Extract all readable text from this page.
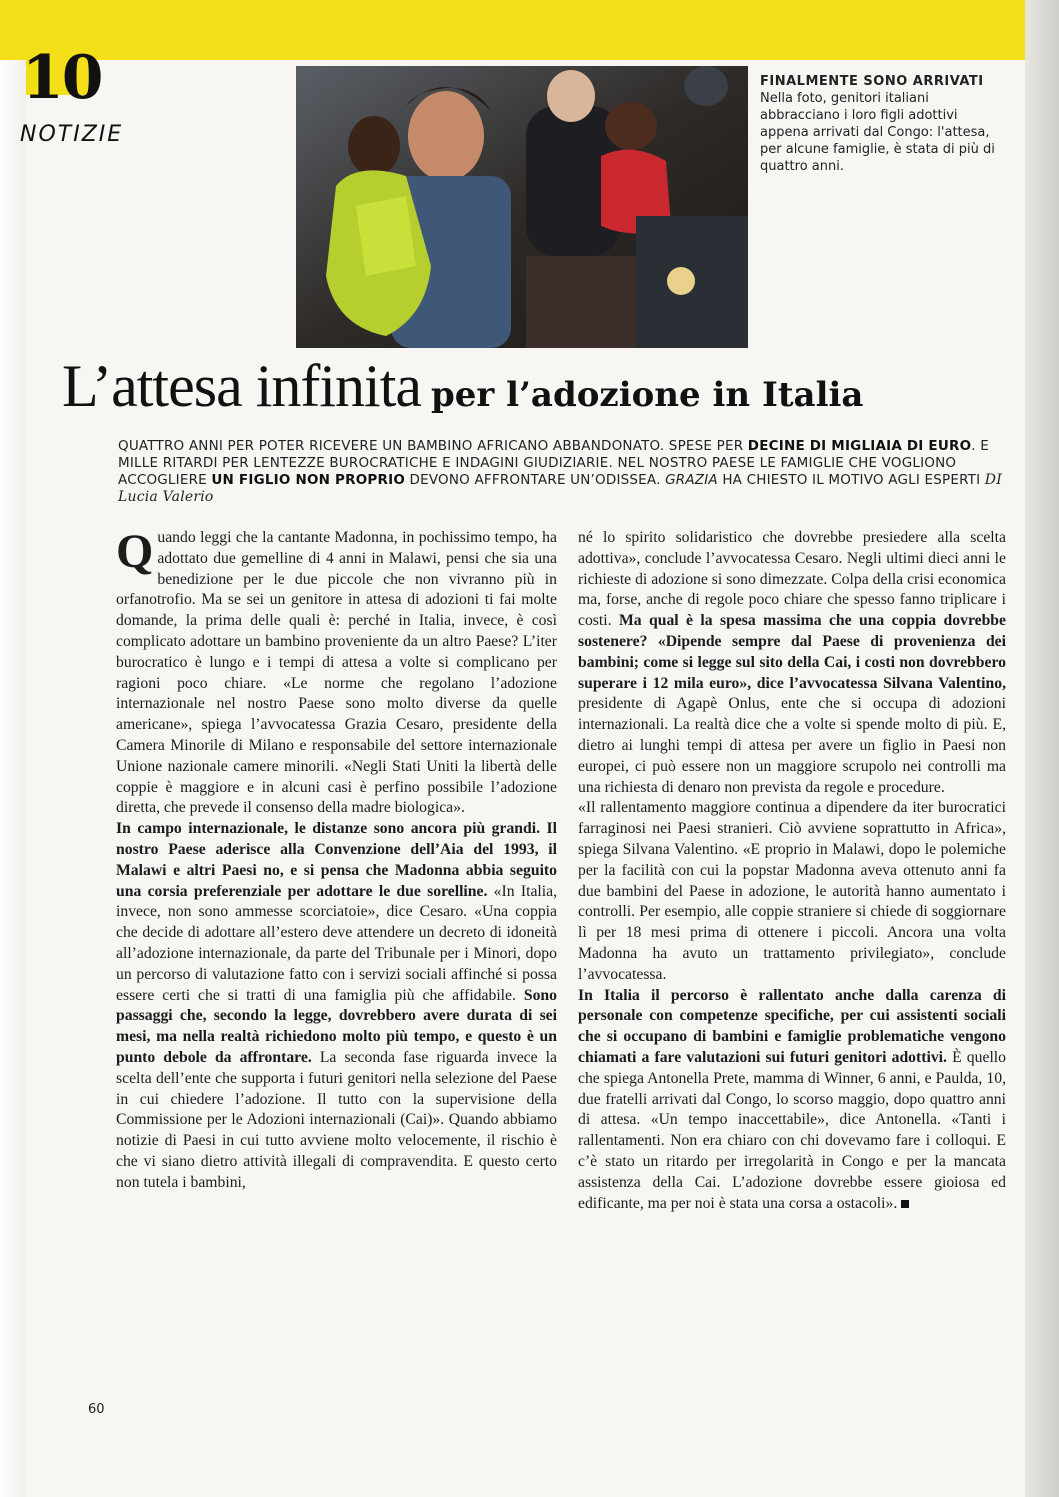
10
NOTIZIE
FINALMENTE SONO ARRIVATI
Nella foto, genitori italiani abbracciano i loro figli adottivi appena arrivati dal Congo: l'attesa, per alcune famiglie, è stata di più di quattro anni.
L’attesa infinita per l’adozione in Italia
QUATTRO ANNI PER POTER RICEVERE UN BAMBINO AFRICANO ABBANDONATO. SPESE PER DECINE DI MIGLIAIA DI EURO. E MILLE RITARDI PER LENTEZZE BUROCRATICHE E INDAGINI GIUDIZIARIE. NEL NOSTRO PAESE LE FAMIGLIE CHE VOGLIONO ACCOGLIERE UN FIGLIO NON PROPRIO DEVONO AFFRONTARE UN’ODISSEA. GRAZIA HA CHIESTO IL MOTIVO AGLI ESPERTI DI Lucia Valerio

Quando leggi che la cantante Madonna, in pochissimo tempo, ha adottato due gemelline di 4 anni in Malawi, pensi che sia una benedizione per le due piccole che non vivranno più in orfanotrofio. Ma se sei un genitore in attesa di adozioni ti fai molte domande, la prima delle quali è: perché in Italia, invece, è così complicato adottare un bambino proveniente da un altro Paese? L’iter burocratico è lungo e i tempi di attesa a volte si complicano per ragioni poco chiare. «Le norme che regolano l’adozione internazionale nel nostro Paese sono molto diverse da quelle americane», spiega l’avvocatessa Grazia Cesaro, presidente della Camera Minorile di Milano e responsabile del settore internazionale Unione nazionale camere minorili. «Negli Stati Uniti la libertà delle coppie è maggiore e in alcuni casi è perfino possibile l’adozione diretta, che prevede il consenso della madre biologica».

In campo internazionale, le distanze sono ancora più grandi. Il nostro Paese aderisce alla Convenzione dell’Aia del 1993, il Malawi e altri Paesi no, e si pensa che Madonna abbia seguito una corsia preferenziale per adottare le due sorelline. «In Italia, invece, non sono ammesse scorciatoie», dice Cesaro. «Una coppia che decide di adottare all’estero deve attendere un decreto di idoneità all’adozione internazionale, da parte del Tribunale per i Minori, dopo un percorso di valutazione fatto con i servizi sociali affinché si possa essere certi che si tratti di una famiglia più che affidabile. Sono passaggi che, secondo la legge, dovrebbero avere durata di sei mesi, ma nella realtà richiedono molto più tempo, e questo è un punto debole da affrontare. La seconda fase riguarda invece la scelta dell’ente che supporta i futuri genitori nella selezione del Paese in cui chiedere l’adozione. Il tutto con la supervisione della Commissione per le Adozioni internazionali (Cai)». Quando abbiamo notizie di Paesi in cui tutto avviene molto velocemente, il rischio è che vi siano dietro attività illegali di compravendita. E questo certo non tutela i bambini,

né lo spirito solidaristico che dovrebbe presiedere alla scelta adottiva», conclude l’avvocatessa Cesaro. Negli ultimi dieci anni le richieste di adozione si sono dimezzate. Colpa della crisi economica ma, forse, anche di regole poco chiare che spesso fanno triplicare i costi. Ma qual è la spesa massima che una coppia dovrebbe sostenere? «Dipende sempre dal Paese di provenienza dei bambini; come si legge sul sito della Cai, i costi non dovrebbero superare i 12 mila euro», dice l’avvocatessa Silvana Valentino, presidente di Agapè Onlus, ente che si occupa di adozioni internazionali. La realtà dice che a volte si spende molto di più. E, dietro ai lunghi tempi di attesa per avere un figlio in Paesi non europei, ci può essere non un maggiore scrupolo nei controlli ma una richiesta di denaro non prevista da regole e procedure.

«Il rallentamento maggiore continua a dipendere da iter burocratici farraginosi nei Paesi stranieri. Ciò avviene soprattutto in Africa», spiega Silvana Valentino. «E proprio in Malawi, dopo le polemiche per la facilità con cui la popstar Madonna aveva ottenuto anni fa due bambini del Paese in adozione, le autorità hanno aumentato i controlli. Per esempio, alle coppie straniere si chiede di soggiornare lì per 18 mesi prima di ottenere i piccoli. Ancora una volta Madonna ha avuto un trattamento privilegiato», conclude l’avvocatessa.

In Italia il percorso è rallentato anche dalla carenza di personale con competenze specifiche, per cui assistenti sociali che si occupano di bambini e famiglie problematiche vengono chiamati a fare valutazioni sui futuri genitori adottivi. È quello che spiega Antonella Prete, mamma di Winner, 6 anni, e Paulda, 10, due fratelli arrivati dal Congo, lo scorso maggio, dopo quattro anni di attesa. «Un tempo inaccettabile», dice Antonella. «Tanti i rallentamenti. Non era chiaro con chi dovevamo fare i colloqui. E c’è stato un ritardo per irregolarità in Congo e per la mancata assistenza della Cai. L’adozione dovrebbe essere gioiosa ed edificante, ma per noi è stata una corsa a ostacoli».

60
